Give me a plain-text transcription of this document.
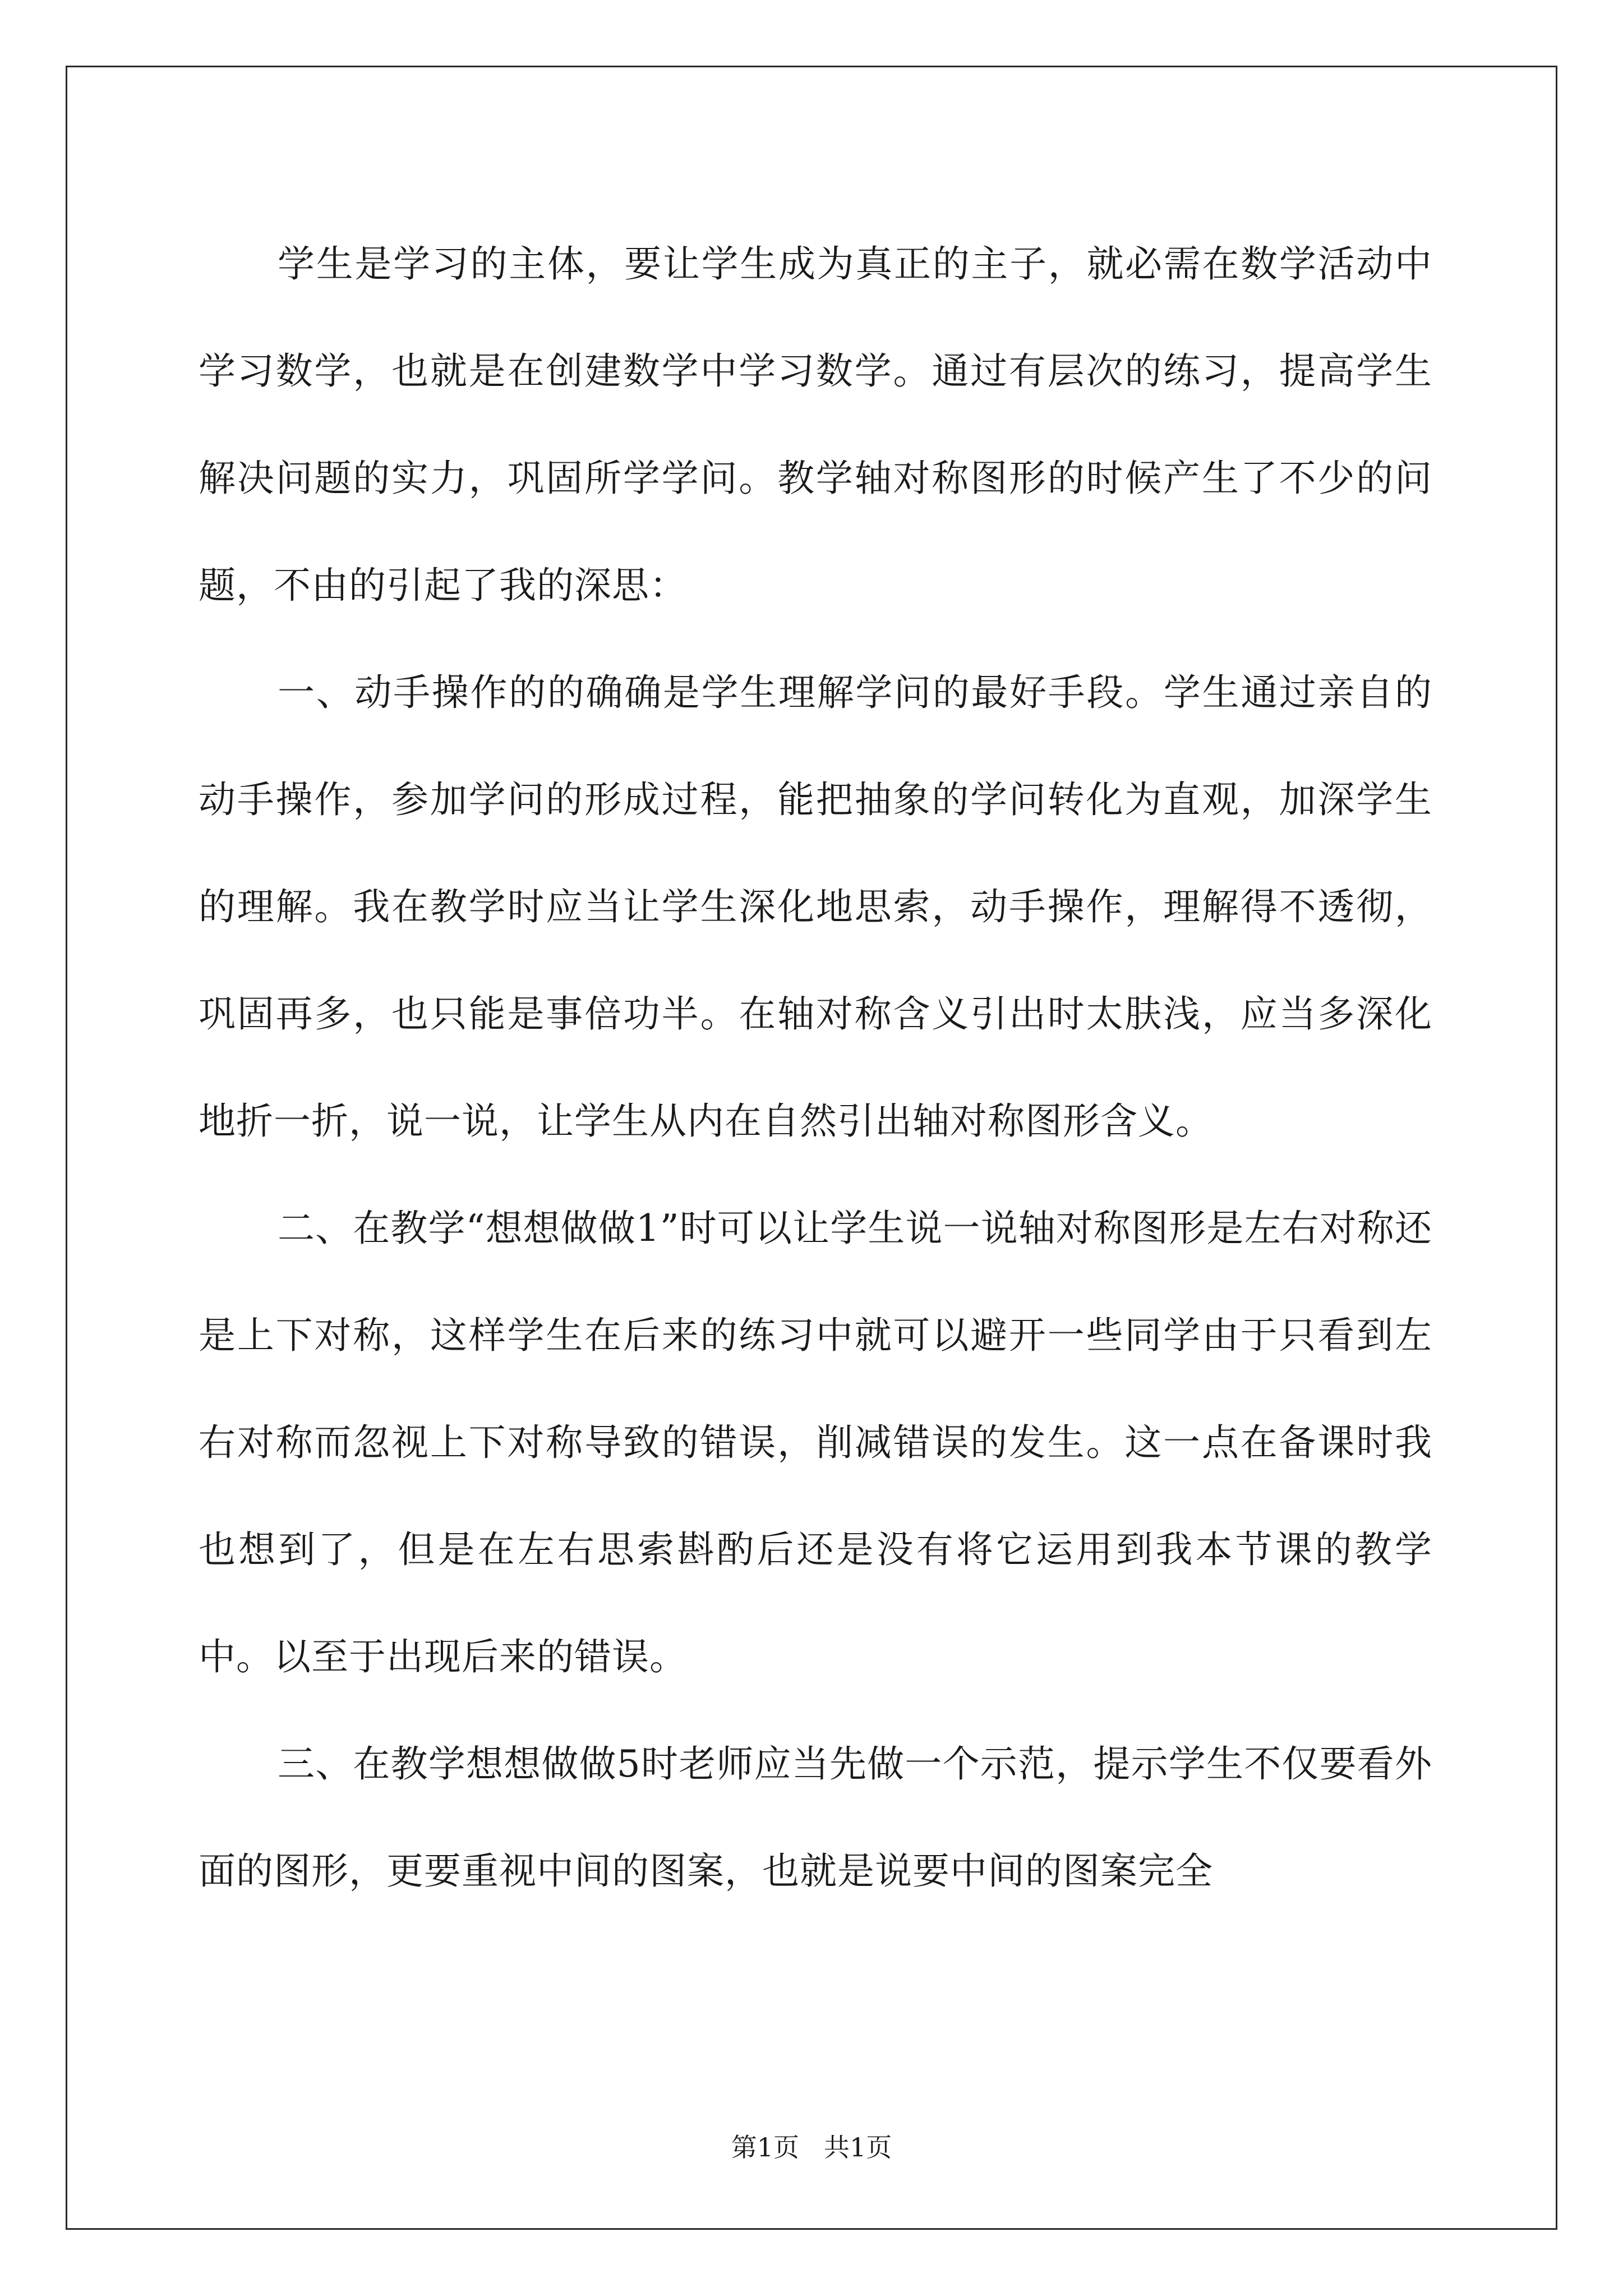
学生是学习的主体，要让学生成为真正的主子，就必需在数学活动中学习数学，也就是在创建数学中学习数学。通过有层次的练习，提高学生解决问题的实力，巩固所学学问。教学轴对称图形的时候产生了不少的问题，不由的引起了我的深思：

一、动手操作的的确确是学生理解学问的最好手段。学生通过亲自的动手操作，参加学问的形成过程，能把抽象的学问转化为直观，加深学生的理解。我在教学时应当让学生深化地思索，动手操作，理解得不透彻，巩固再多，也只能是事倍功半。在轴对称含义引出时太肤浅，应当多深化地折一折，说一说，让学生从内在自然引出轴对称图形含义。

二、在教学“想想做做1”时可以让学生说一说轴对称图形是左右对称还是上下对称，这样学生在后来的练习中就可以避开一些同学由于只看到左右对称而忽视上下对称导致的错误，削减错误的发生。这一点在备课时我也想到了，但是在左右思索斟酌后还是没有将它运用到我本节课的教学中。以至于出现后来的错误。

三、在教学想想做做5时老师应当先做一个示范，提示学生不仅要看外面的图形，更要重视中间的图案，也就是说要中间的图案完全

第1页 共1页
